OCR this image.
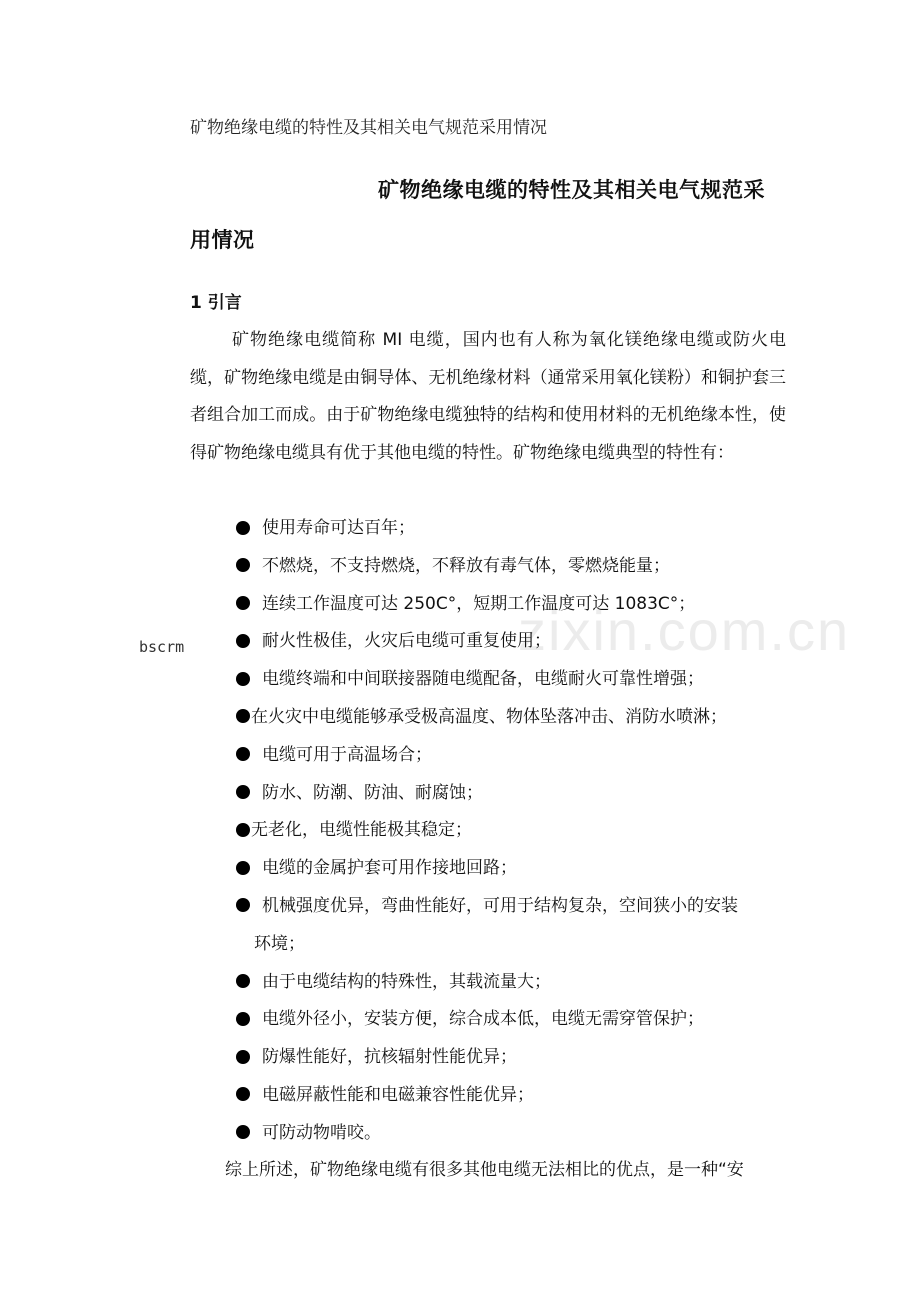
zixin.com.cn
bscrm
矿物绝缘电缆的特性及其相关电气规范采用情况
矿物绝缘电缆的特性及其相关电气规范采
用情况
1 引言

矿物绝缘电缆简称 MI 电缆，国内也有人称为氧化镁绝缘电缆或防火电缆，矿物绝缘电缆是由铜导体、无机绝缘材料（通常采用氧化镁粉）和铜护套三者组合加工而成。由于矿物绝缘电缆独特的结构和使用材料的无机绝缘本性，使得矿物绝缘电缆具有优于其他电缆的特性。矿物绝缘电缆典型的特性有：

使用寿命可达百年；
不燃烧，不支持燃烧，不释放有毒气体，零燃烧能量；
连续工作温度可达 250C°，短期工作温度可达 1083C°；
耐火性极佳，火灾后电缆可重复使用；
电缆终端和中间联接器随电缆配备，电缆耐火可靠性增强；
在火灾中电缆能够承受极高温度、物体坠落冲击、消防水喷淋；
电缆可用于高温场合；
防水、防潮、防油、耐腐蚀；
无老化，电缆性能极其稳定；
电缆的金属护套可用作接地回路；
机械强度优异，弯曲性能好，可用于结构复杂，空间狭小的安装
环境；
由于电缆结构的特殊性，其载流量大；
电缆外径小，安装方便，综合成本低，电缆无需穿管保护；
防爆性能好，抗核辐射性能优异；
电磁屏蔽性能和电磁兼容性能优异；
可防动物啃咬。
综上所述，矿物绝缘电缆有很多其他电缆无法相比的优点，是一种“安
